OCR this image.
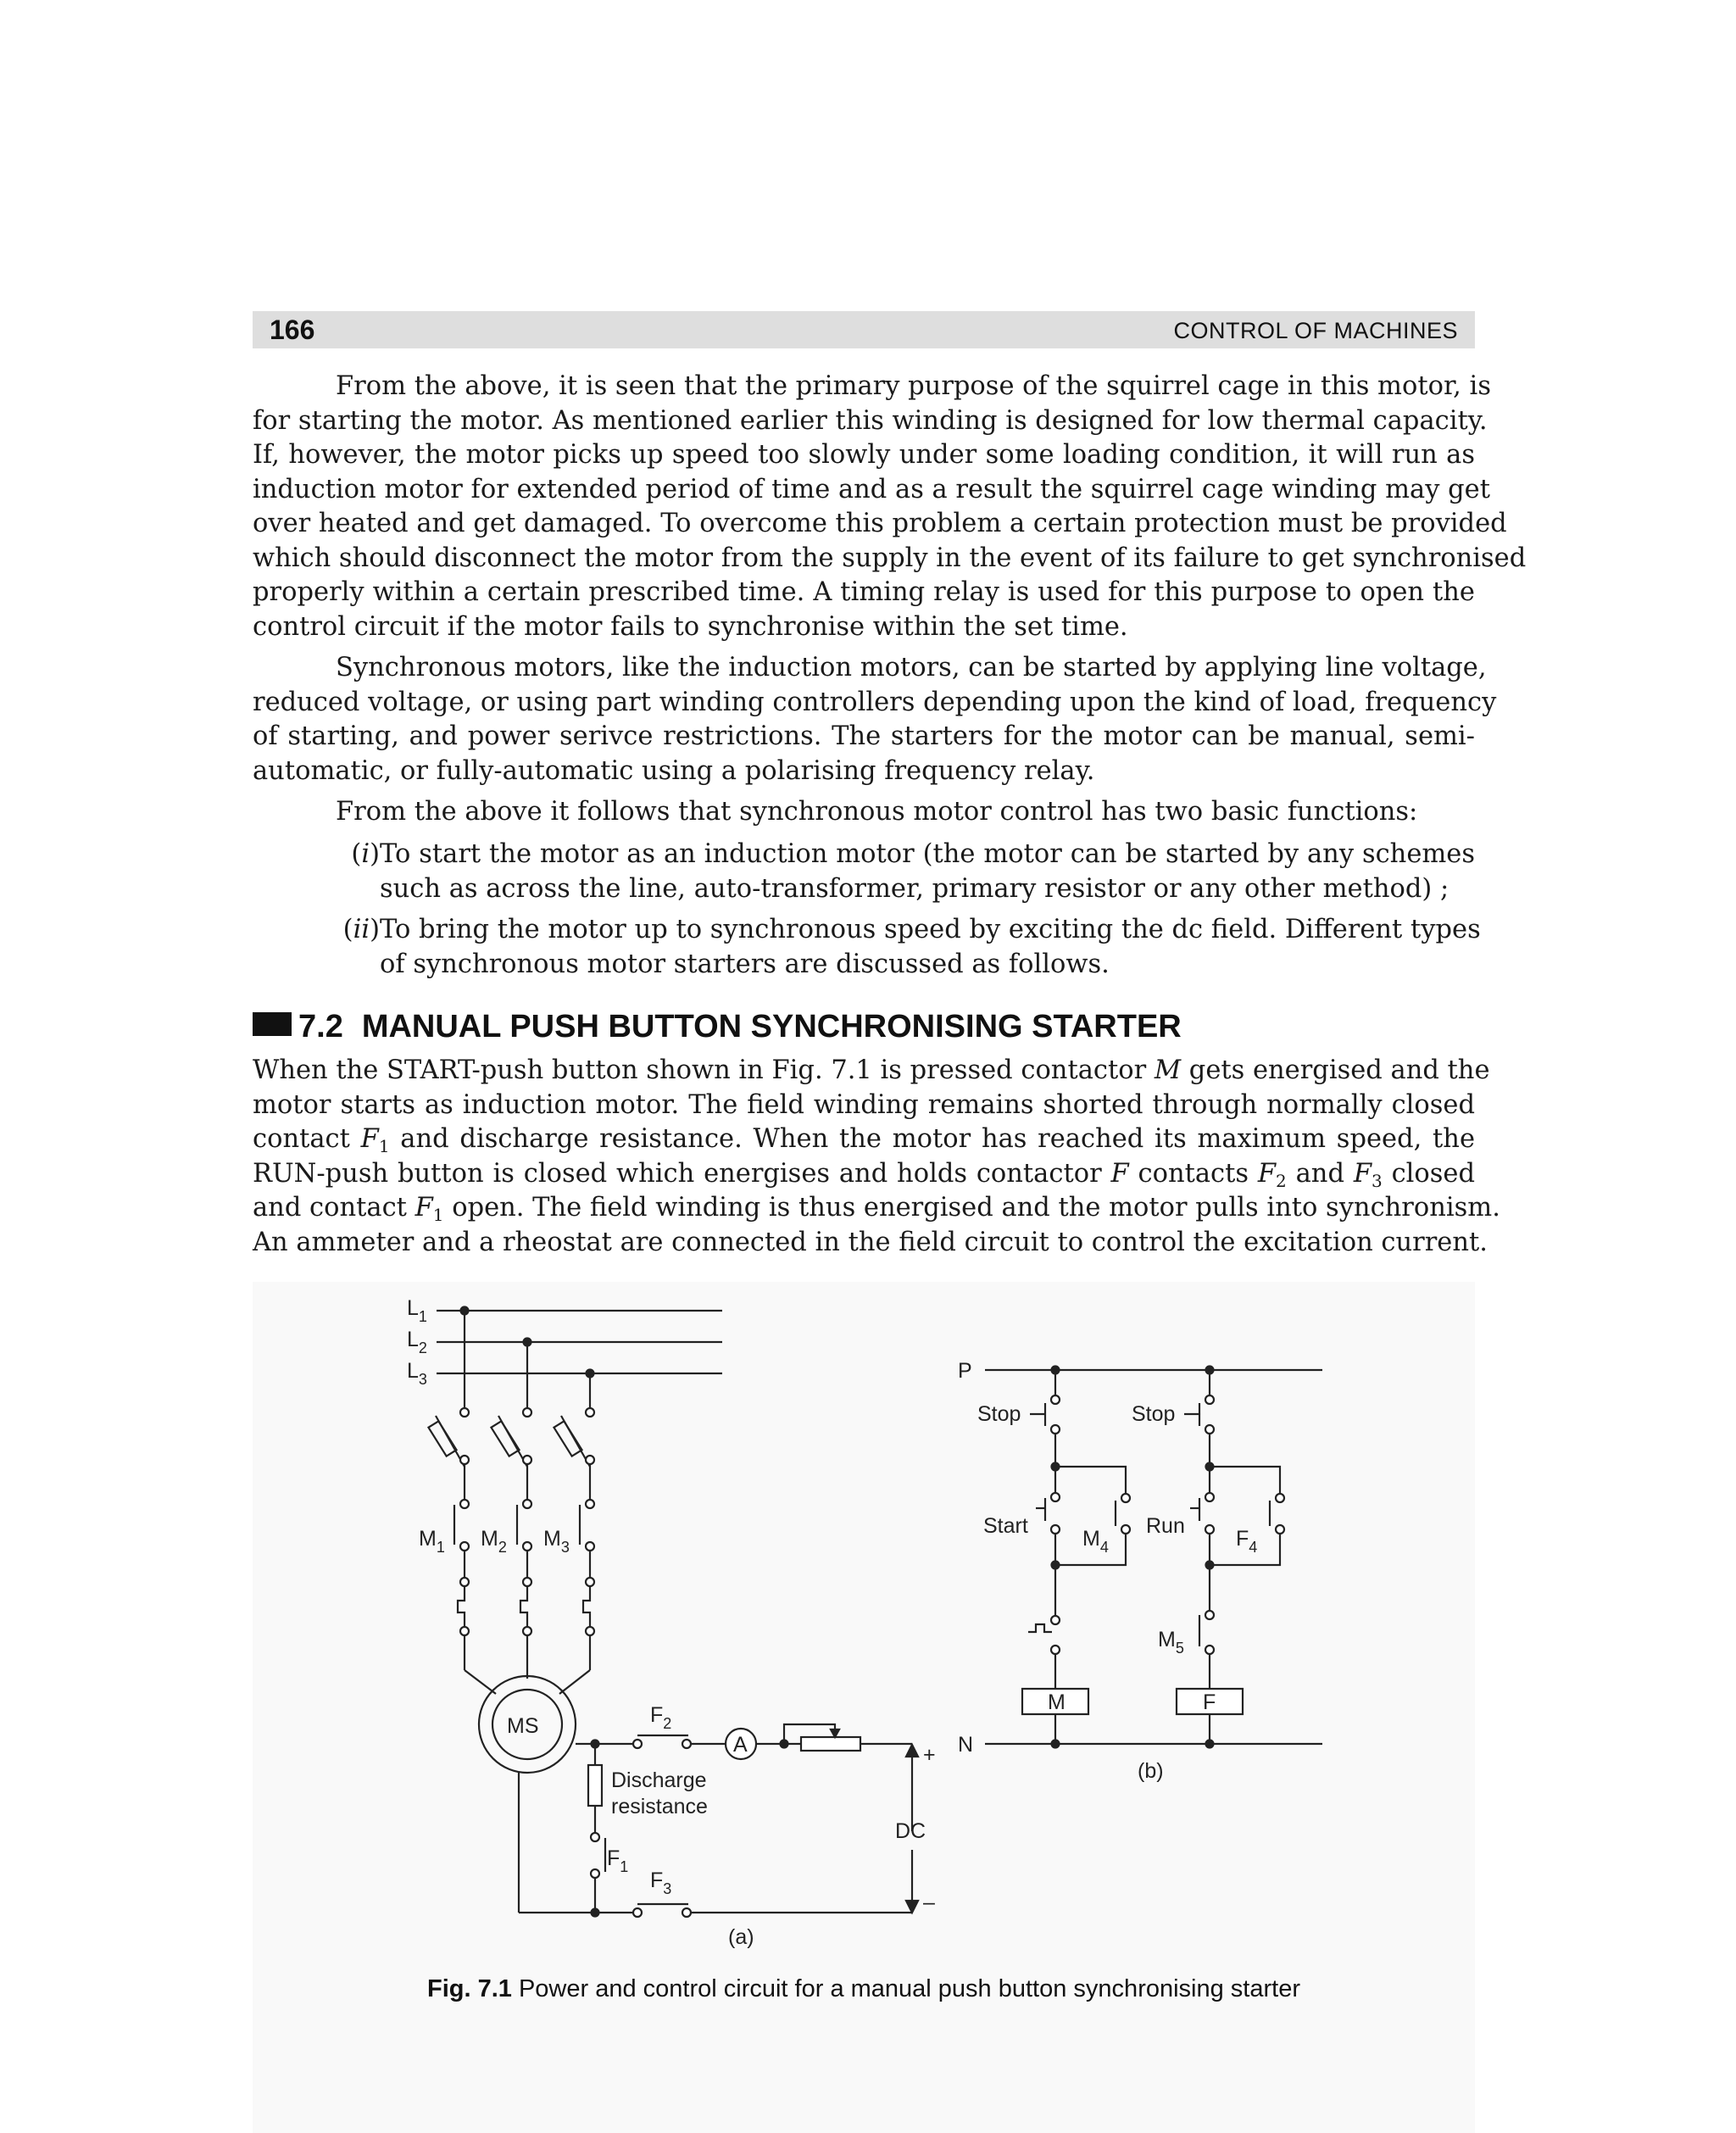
166	CONTROL OF MACHINES
From the above, it is seen that the primary purpose of the squirrel cage in this motor, is
for starting the motor. As mentioned earlier this winding is designed for low thermal capacity.
If, however, the motor picks up speed too slowly under some loading condition, it will run as
induction motor for extended period of time and as a result the squirrel cage winding may get
over heated and get damaged. To overcome this problem a certain protection must be provided
which should disconnect the motor from the supply in the event of its failure to get synchronised
properly within a certain prescribed time. A timing relay is used for this purpose to open the
control circuit if the motor fails to synchronise within the set time.
Synchronous motors, like the induction motors, can be started by applying line voltage,
reduced voltage, or using part winding controllers depending upon the kind of load, frequency
of starting, and power serivce restrictions. The starters for the motor can be manual, semi-
automatic, or fully-automatic using a polarising frequency relay.
From the above it follows that synchronous motor control has two basic functions:
(i) To start the motor as an induction motor (the motor can be started by any schemes
such as across the line, auto-transformer, primary resistor or any other method) ;
(ii) To bring the motor up to synchronous speed by exciting the dc field. Different types
of synchronous motor starters are discussed as follows.
7.2 MANUAL PUSH BUTTON SYNCHRONISING STARTER
When the START-push button shown in Fig. 7.1 is pressed contactor M gets energised and the
motor starts as induction motor. The field winding remains shorted through normally closed
contact $F_1$ and discharge resistance. When the motor has reached its maximum speed, the
RUN-push button is closed which energises and holds contactor F contacts $F_2$ and $F_3$ closed
and contact $F_1$ open. The field winding is thus energised and the motor pulls into synchronism.
An ammeter and a rheostat are connected in the field circuit to control the excitation current.
$L_1$
$L_2$
$L_3$
$M_1$ $M_2$ $M_3$
MS	$F_2$
A	+
Discharge
resistance
DC
$F_1$
$F_3$
–
(a)
P
Stop	Stop
Start
$M_4$
Run
$F_4$
$M_5$
M	F
N
(b)
Fig. 7.1 Power and control circuit for a manual push button synchronising starter
